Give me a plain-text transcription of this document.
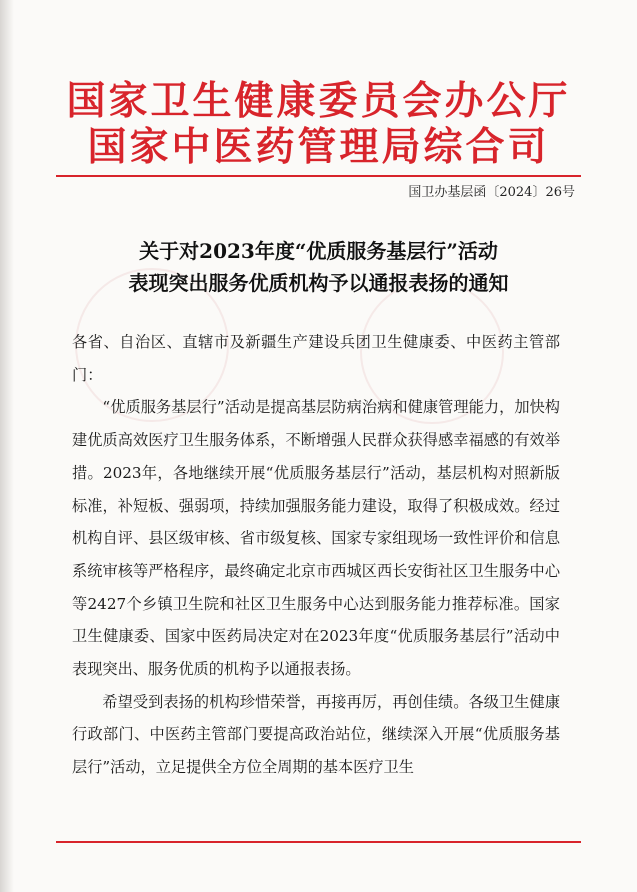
国家卫生健康委员会办公厅
国家中医药管理局综合司
国卫办基层函〔2024〕26号
关于对2023年度“优质服务基层行”活动
表现突出服务优质机构予以通报表扬的通知

各省、自治区、直辖市及新疆生产建设兵团卫生健康委、中医药主管部门：

“优质服务基层行”活动是提高基层防病治病和健康管理能力，加快构建优质高效医疗卫生服务体系，不断增强人民群众获得感幸福感的有效举措。2023年，各地继续开展“优质服务基层行”活动，基层机构对照新版标准，补短板、强弱项，持续加强服务能力建设，取得了积极成效。经过机构自评、县区级审核、省市级复核、国家专家组现场一致性评价和信息系统审核等严格程序，最终确定北京市西城区西长安街社区卫生服务中心等2427个乡镇卫生院和社区卫生服务中心达到服务能力推荐标准。国家卫生健康委、国家中医药局决定对在2023年度“优质服务基层行”活动中表现突出、服务优质的机构予以通报表扬。

希望受到表扬的机构珍惜荣誉，再接再厉，再创佳绩。各级卫生健康行政部门、中医药主管部门要提高政治站位，继续深入开展“优质服务基层行”活动，立足提供全方位全周期的基本医疗卫生
